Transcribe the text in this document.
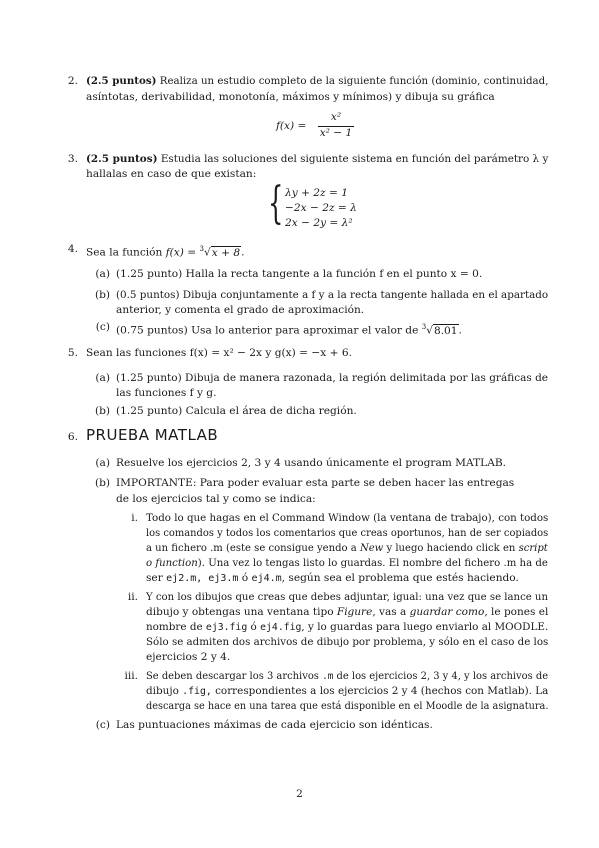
2. (2.5 puntos) Realiza un estudio completo de la siguiente función (dominio, continuidad,
asíntotas, derivabilidad, monotonía, máximos y mínimos) y dibuja su gráfica
f(x) =
x²
x² − 1
3. (2.5 puntos) Estudia las soluciones del siguiente sistema en función del parámetro λ y
hallalas en caso de que existan:
{ λy + 2z = 1
−2x − 2z = λ
2x − 2y = λ²
4. Sea la función f(x) = $^3$√x + 8.
(a) (1.25 punto) Halla la recta tangente a la función f en el punto x = 0.
(b) (0.5 puntos) Dibuja conjuntamente a f y a la recta tangente hallada en el apartado
anterior, y comenta el grado de aproximación.
(c) (0.75 puntos) Usa lo anterior para aproximar el valor de $^3$√8.01.
5. Sean las funciones f(x) = x² − 2x y g(x) = −x + 6.
(a) (1.25 punto) Dibuja de manera razonada, la región delimitada por las gráficas de
las funciones f y g.
(b) (1.25 punto) Calcula el área de dicha región.
6. PRUEBA MATLAB
(a) Resuelve los ejercicios 2, 3 y 4 usando únicamente el program MATLAB.
(b) IMPORTANTE: Para poder evaluar esta parte se deben hacer las entregas
de los ejercicios tal y como se indica:
i. Todo lo que hagas en el Command Window (la ventana de trabajo), con todos
los comandos y todos los comentarios que creas oportunos, han de ser copiados
a un fichero .m (este se consigue yendo a New y luego haciendo click en script
o function). Una vez lo tengas listo lo guardas. El nombre del fichero .m ha de
ser ej2.m, ej3.m ó ej4.m, según sea el problema que estés haciendo.
ii. Y con los dibujos que creas que debes adjuntar, igual: una vez que se lance un
dibujo y obtengas una ventana tipo Figure, vas a guardar como, le pones el
nombre de ej3.fig ó ej4.fig, y lo guardas para luego enviarlo al MOODLE.
Sólo se admiten dos archivos de dibujo por problema, y sólo en el caso de los
ejercicios 2 y 4.
iii. Se deben descargar los 3 archivos .m de los ejercicios 2, 3 y 4, y los archivos de
dibujo .fig, correspondientes a los ejercicios 2 y 4 (hechos con Matlab). La
descarga se hace en una tarea que está disponible en el Moodle de la asignatura.
(c) Las puntuaciones máximas de cada ejercicio son idénticas.
2
